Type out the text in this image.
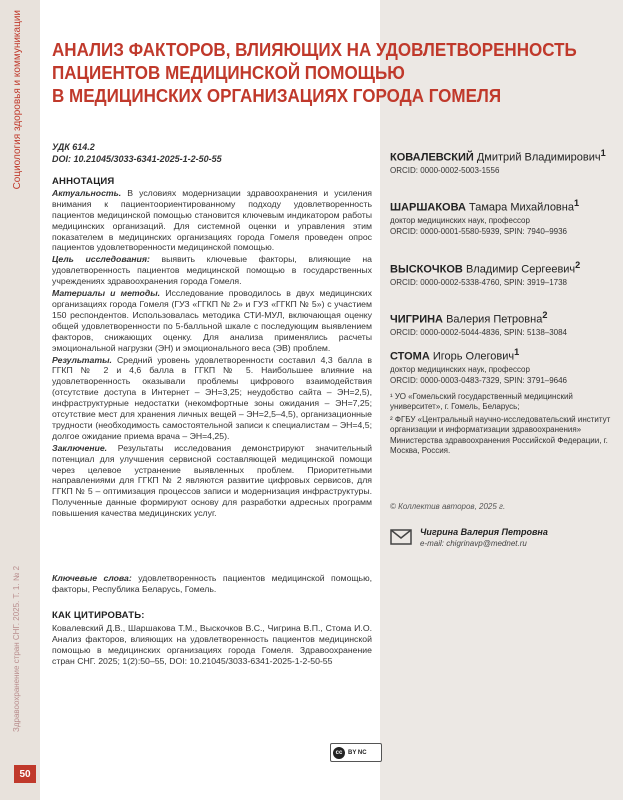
Социология здоровья и коммуникации
Здравоохранение стран СНГ. 2025. Т. 1. № 2
50
АНАЛИЗ ФАКТОРОВ, ВЛИЯЮЩИХ НА УДОВЛЕТВОРЕННОСТЬ
ПАЦИЕНТОВ МЕДИЦИНСКОЙ ПОМОЩЬЮ
В МЕДИЦИНСКИХ ОРГАНИЗАЦИЯХ ГОРОДА ГОМЕЛЯ
УДК 614.2
DOI: 10.21045/3033-6341-2025-1-2-50-55
АННОТАЦИЯ

Актуальность. В условиях модернизации здравоохранения и усиления внимания к пациентоориентированному подходу удовлетворенность пациентов медицинской помощью становится ключевым индикатором работы медицинских организаций. Для системной оценки и управления этим показателем в медицинских организациях города Гомеля проведен опрос пациентов удовлетворенности медицинской помощью.

Цель исследования: выявить ключевые факторы, влияющие на удовлетворенность пациентов медицинской помощью в государственных учреждениях здравоохранения города Гомеля.

Материалы и методы. Исследование проводилось в двух медицинских организациях города Гомеля (ГУЗ «ГГКП № 2» и ГУЗ «ГГКП № 5») с участием 150 респондентов. Использовалась методика СТИ-МУЛ, включающая оценку общей удовлетворенности по 5-балльной шкале с последующим выявлением факторов, снижающих оценку. Для анализа применялись расчеты эмоциональной нагрузки (ЭН) и эмоционального веса (ЭВ) проблем.

Результаты. Средний уровень удовлетворенности составил 4,3 балла в ГГКП № 2 и 4,6 балла в ГГКП № 5. Наибольшее влияние на удовлетворенность оказывали проблемы цифрового взаимодействия (отсутствие доступа в Интернет – ЭН=3,25; неудобство сайта – ЭН=2,5), инфраструктурные недостатки (некомфортные зоны ожидания – ЭН=7,25; отсутствие мест для хранения личных вещей – ЭН=2,5–4,5), организационные трудности (необходимость самостоятельной записи к специалистам – ЭН=4,5; долгое ожидание приема врача – ЭН=4,25).

Заключение. Результаты исследования демонстрируют значительный потенциал для улучшения сервисной составляющей медицинской помощи через целевое устранение выявленных проблем. Приоритетными направлениями для ГГКП № 2 являются развитие цифровых сервисов, для ГГКП № 5 – оптимизация процессов записи и модернизация инфраструктуры. Полученные данные формируют основу для разработки адресных программ повышения качества медицинских услуг.

Ключевые слова: удовлетворенность пациентов медицинской помощью, факторы, Республика Беларусь, Гомель.
КАК ЦИТИРОВАТЬ:
Ковалевский Д.В., Шаршакова Т.М., Выскочков В.С., Чигрина В.П., Стома И.О. Анализ факторов, влияющих на удовлетворенность пациентов медицинской помощью в медицинских организациях города Гомеля. Здравоохранение стран СНГ. 2025; 1(2):50–55, DOI: 10.21045/3033-6341-2025-1-2-50-55
КОВАЛЕВСКИЙ Дмитрий Владимирович$^1$
ORCID: 0000-0002-5003-1556
ШАРШАКОВА Тамара Михайловна$^1$
доктор медицинских наук, профессор
ORCID: 0000-0001-5580-5939, SPIN: 7940–9936
ВЫСКОЧКОВ Владимир Сергеевич$^2$
ORCID: 0000-0002-5338-4760, SPIN: 3919–1738
ЧИГРИНА Валерия Петровна$^2$
ORCID: 0000-0002-5044-4836, SPIN: 5138–3084
СТОМА Игорь Олегович$^1$
доктор медицинских наук, профессор
ORCID: 0000-0003-0483-7329, SPIN: 3791–9646

¹ УО «Гомельский государственный медицинский университет», г. Гомель, Беларусь;

² ФГБУ «Центральный научно-исследовательский институт организации и информатизации здравоохранения» Министерства здравоохранения Российской Федерации, г. Москва, Россия.

© Коллектив авторов, 2025 г.
Чигрина Валерия Петровна
e-mail: chigrinavp@mednet.ru
cc BY NC
